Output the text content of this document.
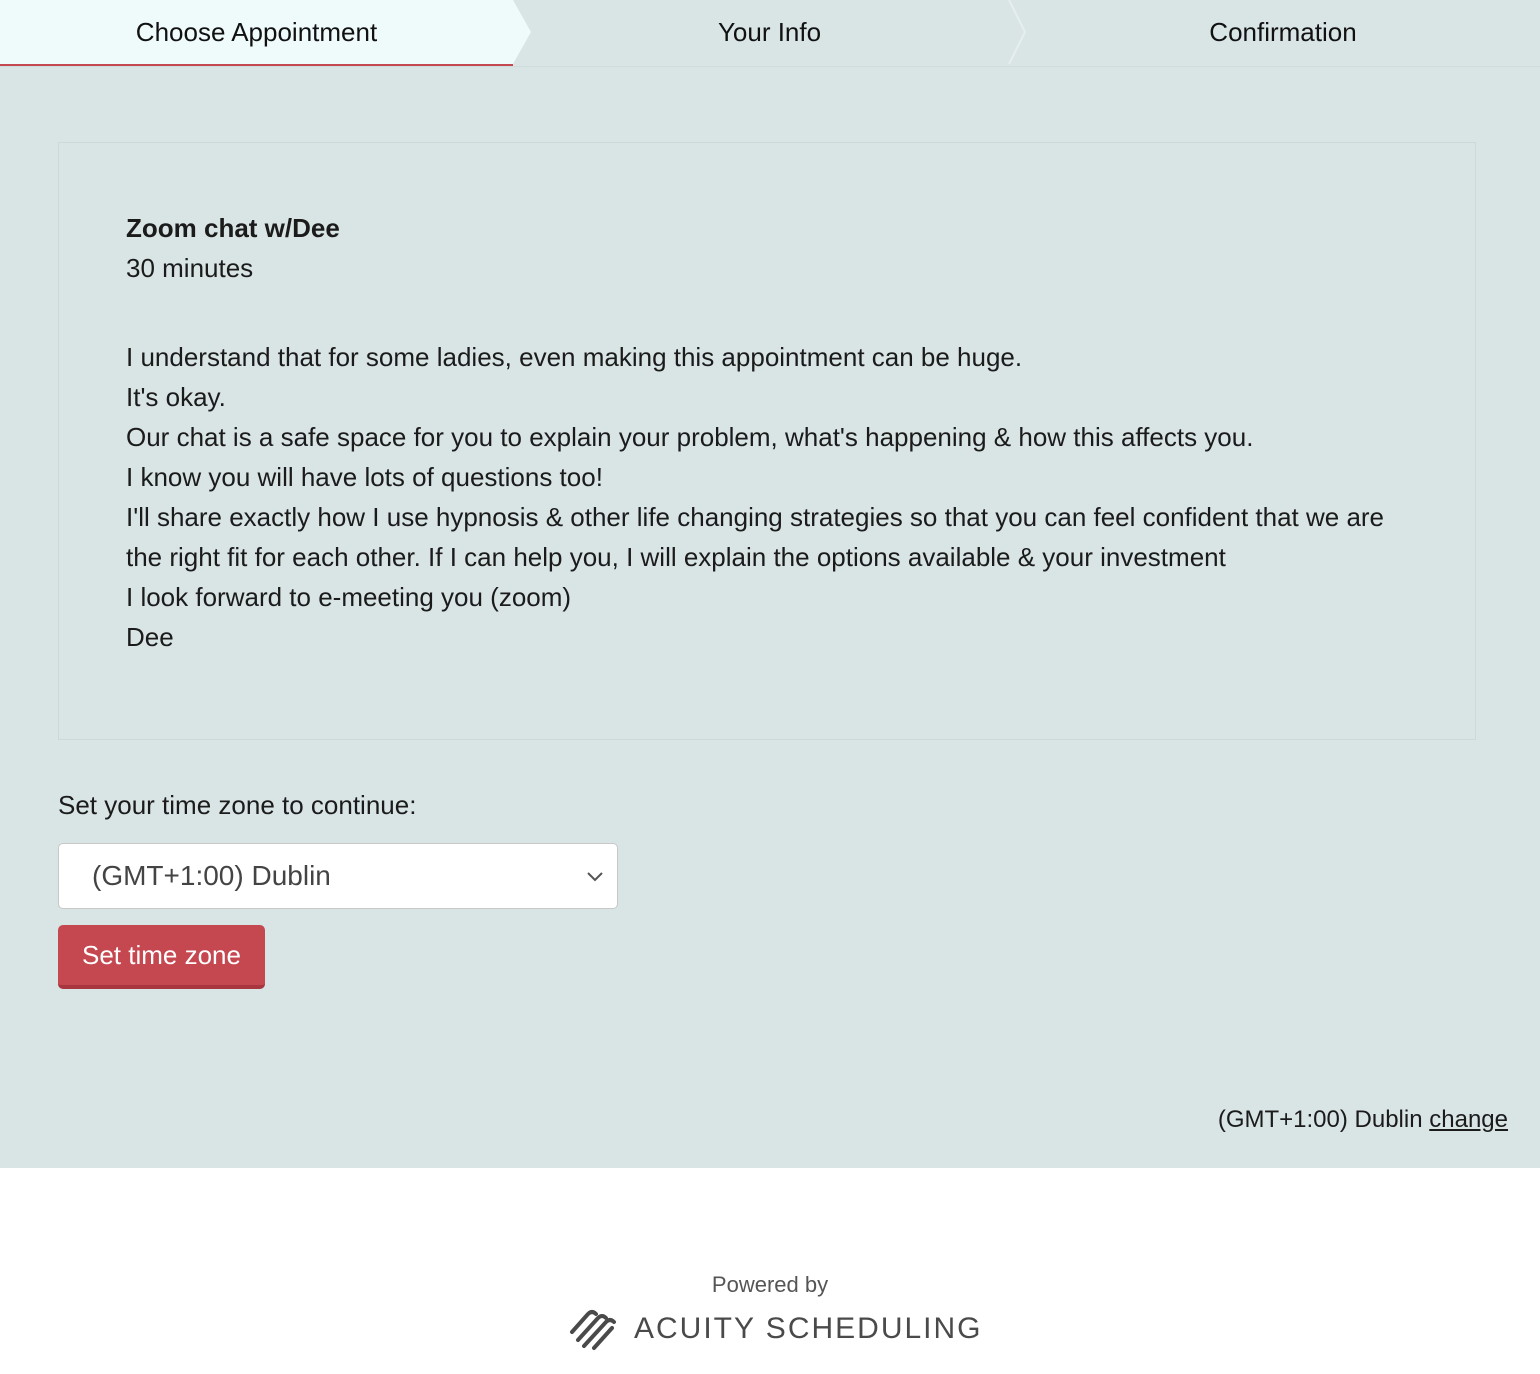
Choose Appointment	Your Info	Confirmation
Zoom chat w/Dee
30 minutes
I understand that for some ladies, even making this appointment can be huge.
It's okay.
Our chat is a safe space for you to explain your problem, what's happening & how this affects you.
I know you will have lots of questions too!
I'll share exactly how I use hypnosis & other life changing strategies so that you can feel confident that we are
the right fit for each other. If I can help you, I will explain the options available & your investment
I look forward to e-meeting you (zoom)
Dee
Set your time zone to continue:
(GMT+1:00) Dublin
Set time zone
(GMT+1:00) Dublin change
Powered by
ACUITY SCHEDULING
